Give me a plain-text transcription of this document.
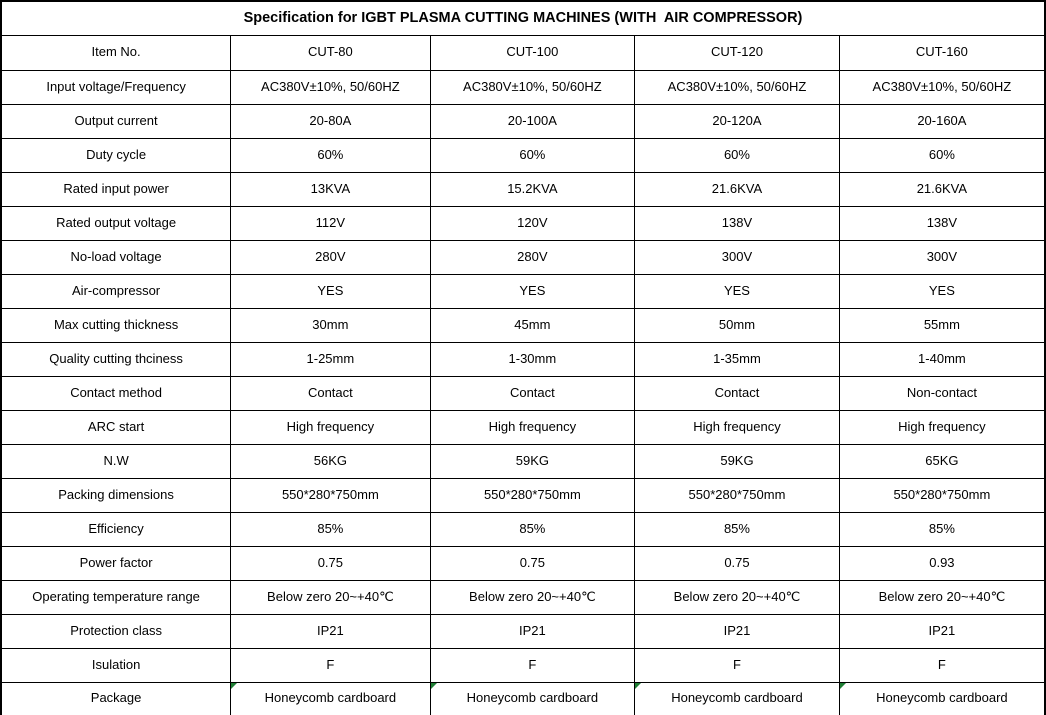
Specification for IGBT PLASMA CUTTING MACHINES (WITH  AIR COMPRESSOR)				
Item No.	CUT-80	CUT-100	CUT-120	CUT-160
Input voltage/Frequency	AC380V±10%, 50/60HZ	AC380V±10%, 50/60HZ	AC380V±10%, 50/60HZ	AC380V±10%, 50/60HZ
Output current	20-80A	20-100A	20-120A	20-160A
Duty cycle	60%	60%	60%	60%
Rated input power	13KVA	15.2KVA	21.6KVA	21.6KVA
Rated output voltage	112V	120V	138V	138V
No-load voltage	280V	280V	300V	300V
Air-compressor	YES	YES	YES	YES
Max cutting thickness	30mm	45mm	50mm	55mm
Quality cutting thciness	1-25mm	1-30mm	1-35mm	1-40mm
Contact method	Contact	Contact	Contact	Non-contact
ARC start	High frequency	High frequency	High frequency	High frequency
N.W	56KG	59KG	59KG	65KG
Packing dimensions	550*280*750mm	550*280*750mm	550*280*750mm	550*280*750mm
Efficiency	85%	85%	85%	85%
Power factor	0.75	0.75	0.75	0.93
Operating temperature range	Below zero 20~+40℃	Below zero 20~+40℃	Below zero 20~+40℃	Below zero 20~+40℃
Protection class	IP21	IP21	IP21	IP21
Isulation	F	F	F	F
Package	Honeycomb cardboard	Honeycomb cardboard	Honeycomb cardboard	Honeycomb cardboard
